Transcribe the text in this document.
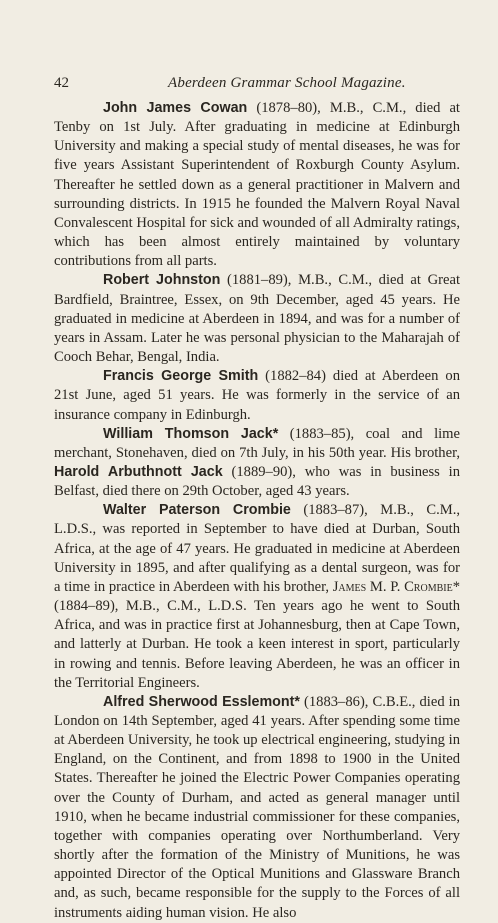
42	Aberdeen Grammar School Magazine.

John James Cowan (1878–80), M.B., C.M., died at Tenby on 1st July. After graduating in medicine at Edinburgh University and making a special study of mental diseases, he was for five years Assistant Superintendent of Roxburgh County Asylum. Thereafter he settled down as a general practitioner in Malvern and surrounding districts. In 1915 he founded the Malvern Royal Naval Convalescent Hospital for sick and wounded of all Admiralty ratings, which has been almost entirely maintained by voluntary contributions from all parts.

Robert Johnston (1881–89), M.B., C.M., died at Great Bardfield, Braintree, Essex, on 9th December, aged 45 years. He graduated in medicine at Aberdeen in 1894, and was for a number of years in Assam. Later he was personal physician to the Maharajah of Cooch Behar, Bengal, India.

Francis George Smith (1882–84) died at Aberdeen on 21st June, aged 51 years. He was formerly in the service of an insurance company in Edinburgh.

William Thomson Jack* (1883–85), coal and lime merchant, Stonehaven, died on 7th July, in his 50th year. His brother, Harold Arbuthnott Jack (1889–90), who was in business in Belfast, died there on 29th October, aged 43 years.

Walter Paterson Crombie (1883–87), M.B., C.M., L.D.S., was reported in September to have died at Durban, South Africa, at the age of 47 years. He graduated in medicine at Aberdeen University in 1895, and after qualifying as a dental surgeon, was for a time in practice in Aberdeen with his brother, James M. P. Crombie* (1884–89), M.B., C.M., L.D.S. Ten years ago he went to South Africa, and was in practice first at Johannesburg, then at Cape Town, and latterly at Durban. He took a keen interest in sport, particularly in rowing and tennis. Before leaving Aberdeen, he was an officer in the Territorial Engineers.

Alfred Sherwood Esslemont* (1883–86), C.B.E., died in London on 14th September, aged 41 years. After spending some time at Aberdeen University, he took up electrical engineering, studying in England, on the Continent, and from 1898 to 1900 in the United States. Thereafter he joined the Electric Power Companies operating over the County of Durham, and acted as general manager until 1910, when he became industrial commissioner for these companies, together with companies operating over Northumberland. Very shortly after the formation of the Ministry of Munitions, he was appointed Director of the Optical Munitions and Glassware Branch and, as such, became responsible for the supply to the Forces of all instruments aiding human vision. He also
